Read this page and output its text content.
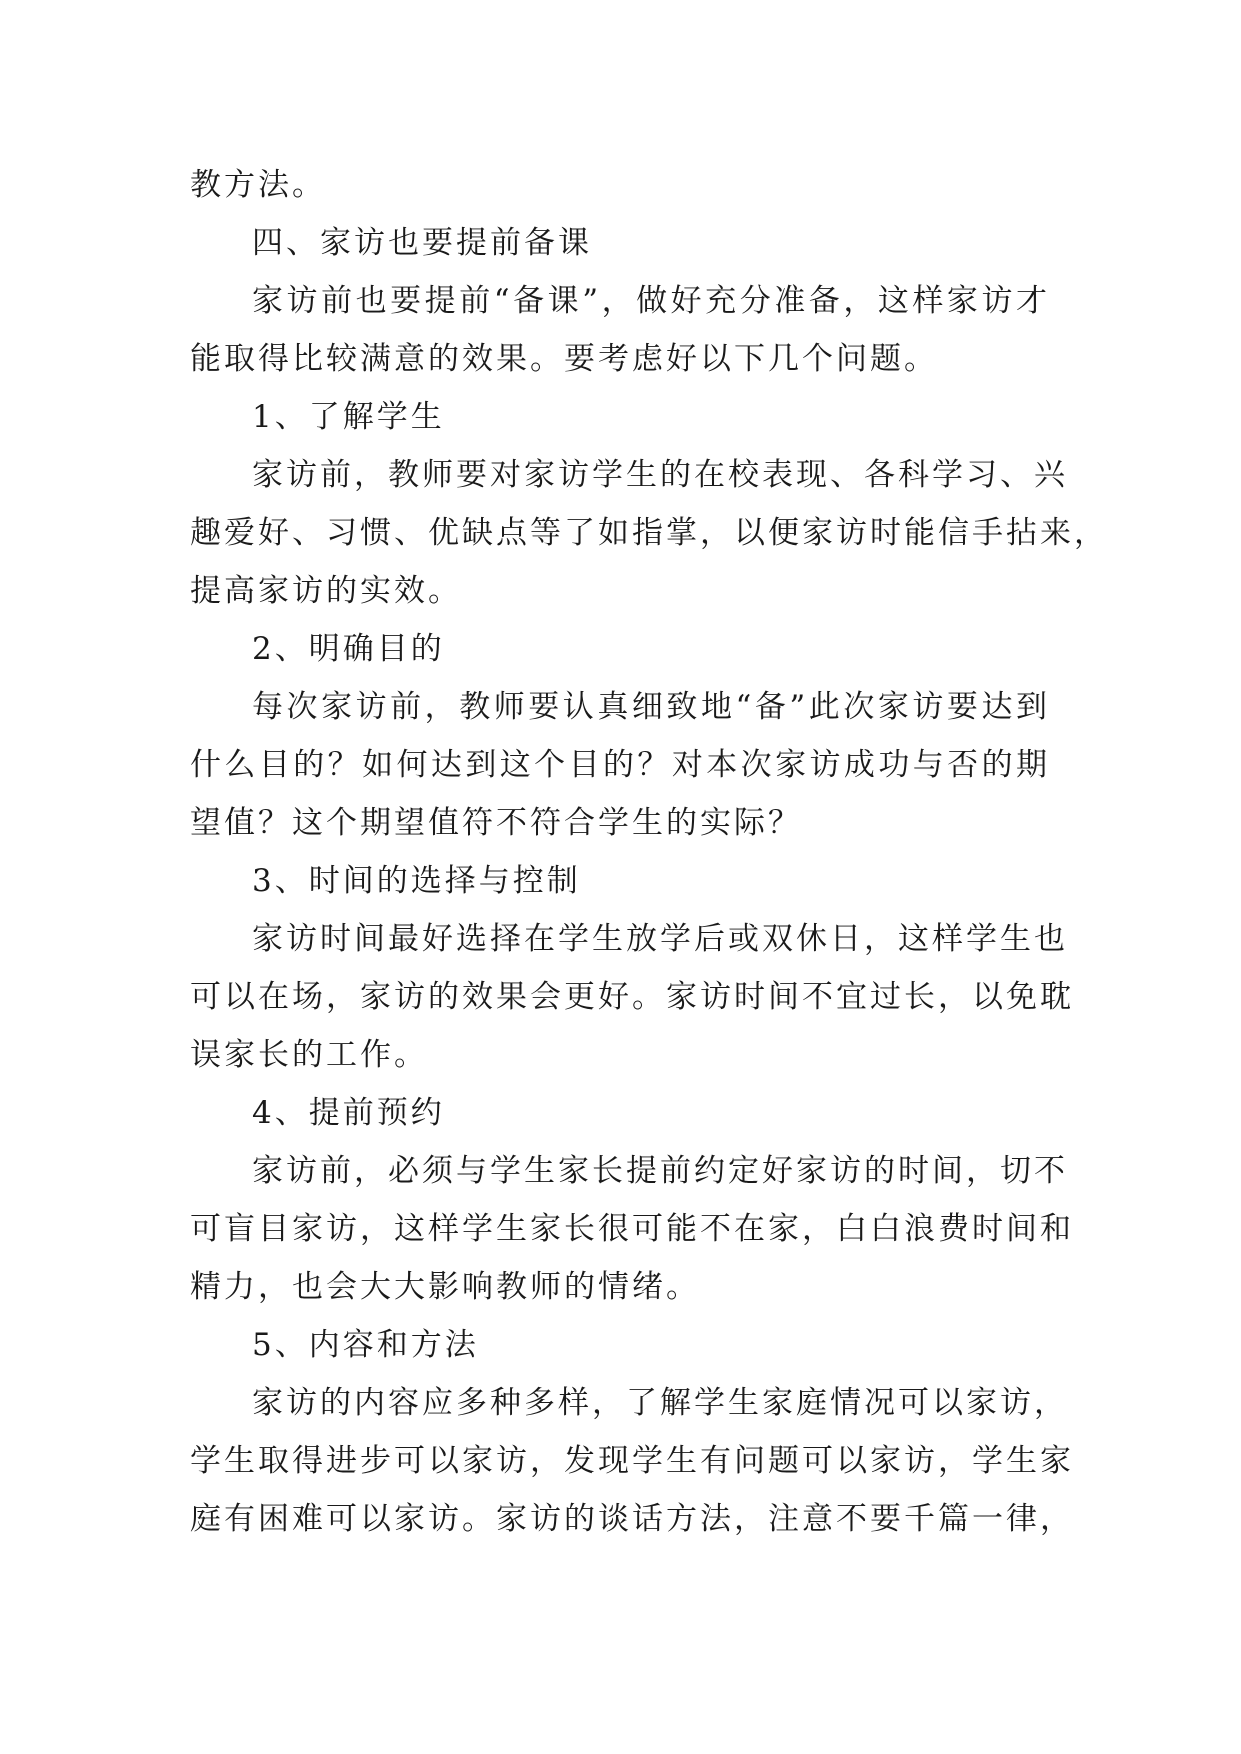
教方法。
四、家访也要提前备课
家访前也要提前“备课”，做好充分准备，这样家访才
能取得比较满意的效果。要考虑好以下几个问题。
1、了解学生
家访前，教师要对家访学生的在校表现、各科学习、兴
趣爱好、习惯、优缺点等了如指掌，以便家访时能信手拈来，
提高家访的实效。
2、明确目的
每次家访前，教师要认真细致地“备”此次家访要达到
什么目的？如何达到这个目的？对本次家访成功与否的期
望值？这个期望值符不符合学生的实际？
3、时间的选择与控制
家访时间最好选择在学生放学后或双休日，这样学生也
可以在场，家访的效果会更好。家访时间不宜过长，以免耽
误家长的工作。
4、提前预约
家访前，必须与学生家长提前约定好家访的时间，切不
可盲目家访，这样学生家长很可能不在家，白白浪费时间和
精力，也会大大影响教师的情绪。
5、内容和方法
家访的内容应多种多样，了解学生家庭情况可以家访，
学生取得进步可以家访，发现学生有问题可以家访，学生家
庭有困难可以家访。家访的谈话方法，注意不要千篇一律，
